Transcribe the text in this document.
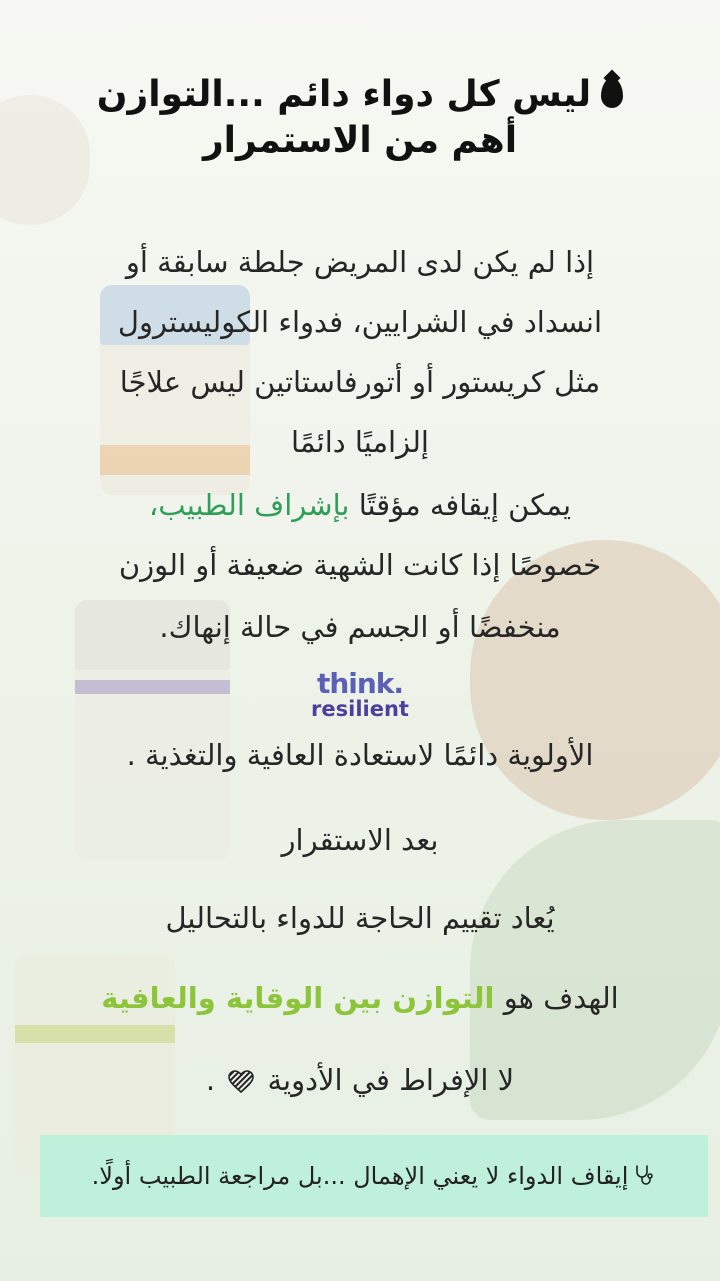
ليس كل دواء دائم ...التوازن
أهم من الاستمرار
إذا لم يكن لدى المريض جلطة سابقة أو
انسداد في الشرايين، فدواء الكوليسترول
مثل كريستور أو أتورفاستاتين ليس علاجًا
إلزاميًا دائمًا
يمكن إيقافه مؤقتًا بإشراف الطبيب،
خصوصًا إذا كانت الشهية ضعيفة أو الوزن
منخفضًا أو الجسم في حالة إنهاك.
think.
resilient
الأولوية دائمًا لاستعادة العافية والتغذية .
بعد الاستقرار
يُعاد تقييم الحاجة للدواء بالتحاليل
الهدف هو التوازن بين الوقاية والعافية
لا الإفراط في الأدوية  .
إيقاف الدواء لا يعني الإهمال ...بل مراجعة الطبيب أولًا.
